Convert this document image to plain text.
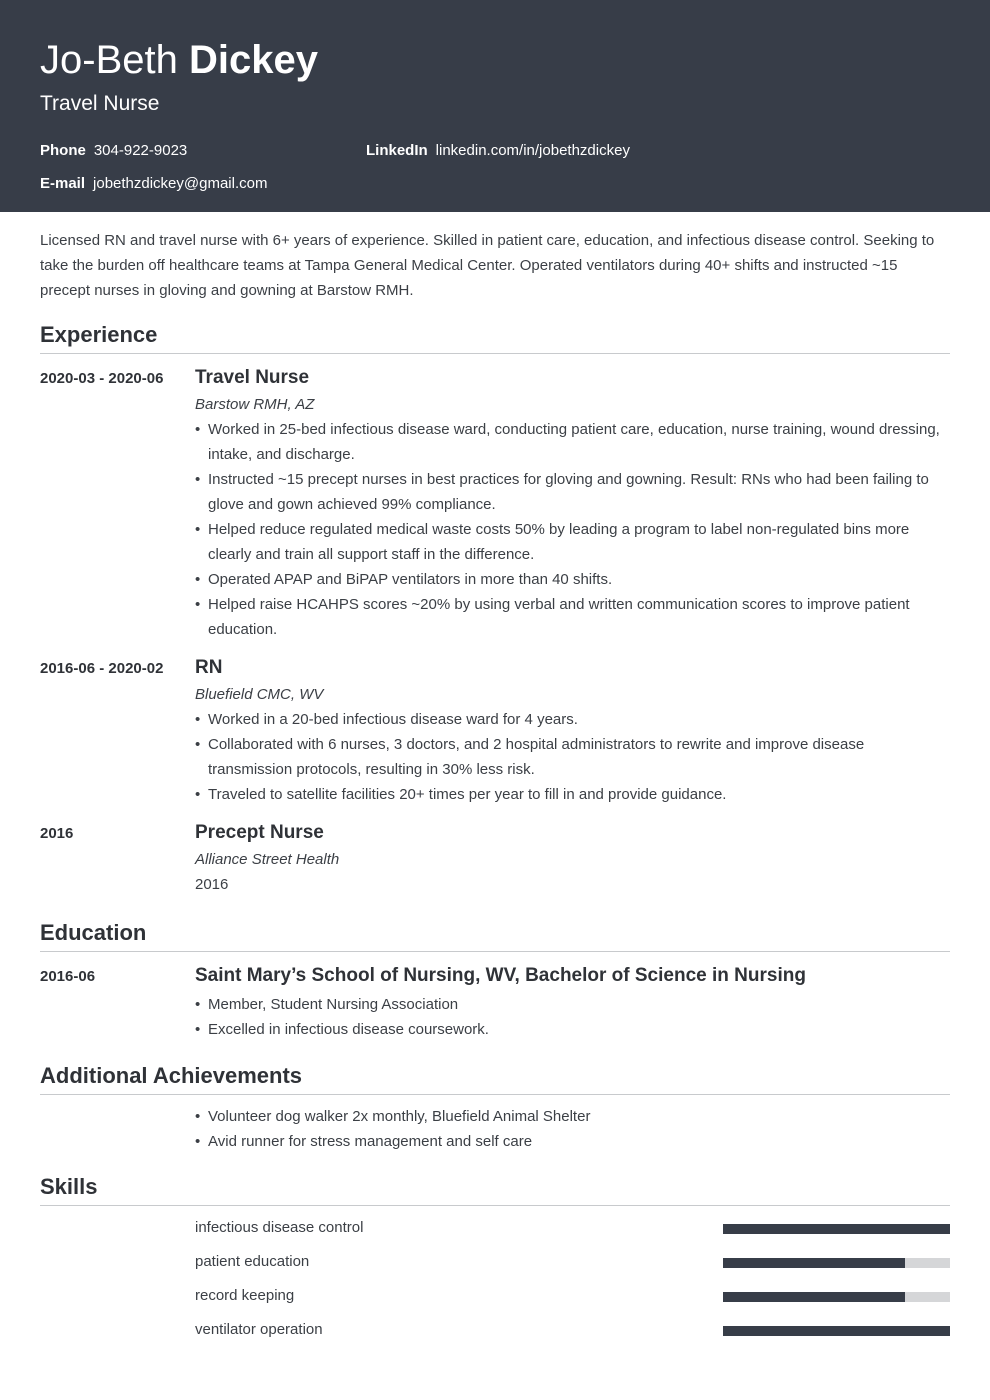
Jo-Beth Dickey
Travel Nurse
Phone 304-922-9023	LinkedIn linkedin.com/in/jobethzdickey
E-mail jobethzdickey@gmail.com
Licensed RN and travel nurse with 6+ years of experience. Skilled in patient care, education, and infectious disease control. Seeking to take the burden off healthcare teams at Tampa General Medical Center. Operated ventilators during 40+ shifts and instructed ~15 precept nurses in gloving and gowning at Barstow RMH.
Experience
2020-03 - 2020-06 Travel Nurse
Barstow RMH, AZ
• Worked in 25-bed infectious disease ward, conducting patient care, education, nurse training, wound dressing, intake, and discharge.
• Instructed ~15 precept nurses in best practices for gloving and gowning. Result: RNs who had been failing to glove and gown achieved 99% compliance.
• Helped reduce regulated medical waste costs 50% by leading a program to label non-regulated bins more clearly and train all support staff in the difference.
• Operated APAP and BiPAP ventilators in more than 40 shifts.
• Helped raise HCAHPS scores ~20% by using verbal and written communication scores to improve patient education.
2016-06 - 2020-02 RN
Bluefield CMC, WV
• Worked in a 20-bed infectious disease ward for 4 years.
• Collaborated with 6 nurses, 3 doctors, and 2 hospital administrators to rewrite and improve disease transmission protocols, resulting in 30% less risk.
• Traveled to satellite facilities 20+ times per year to fill in and provide guidance.
2016	Precept Nurse
Alliance Street Health
2016
Education
2016-06	Saint Mary’s School of Nursing, WV, Bachelor of Science in Nursing
• Member, Student Nursing Association
• Excelled in infectious disease coursework.
Additional Achievements
• Volunteer dog walker 2x monthly, Bluefield Animal Shelter
• Avid runner for stress management and self care
Skills
infectious disease control
patient education
record keeping
ventilator operation
